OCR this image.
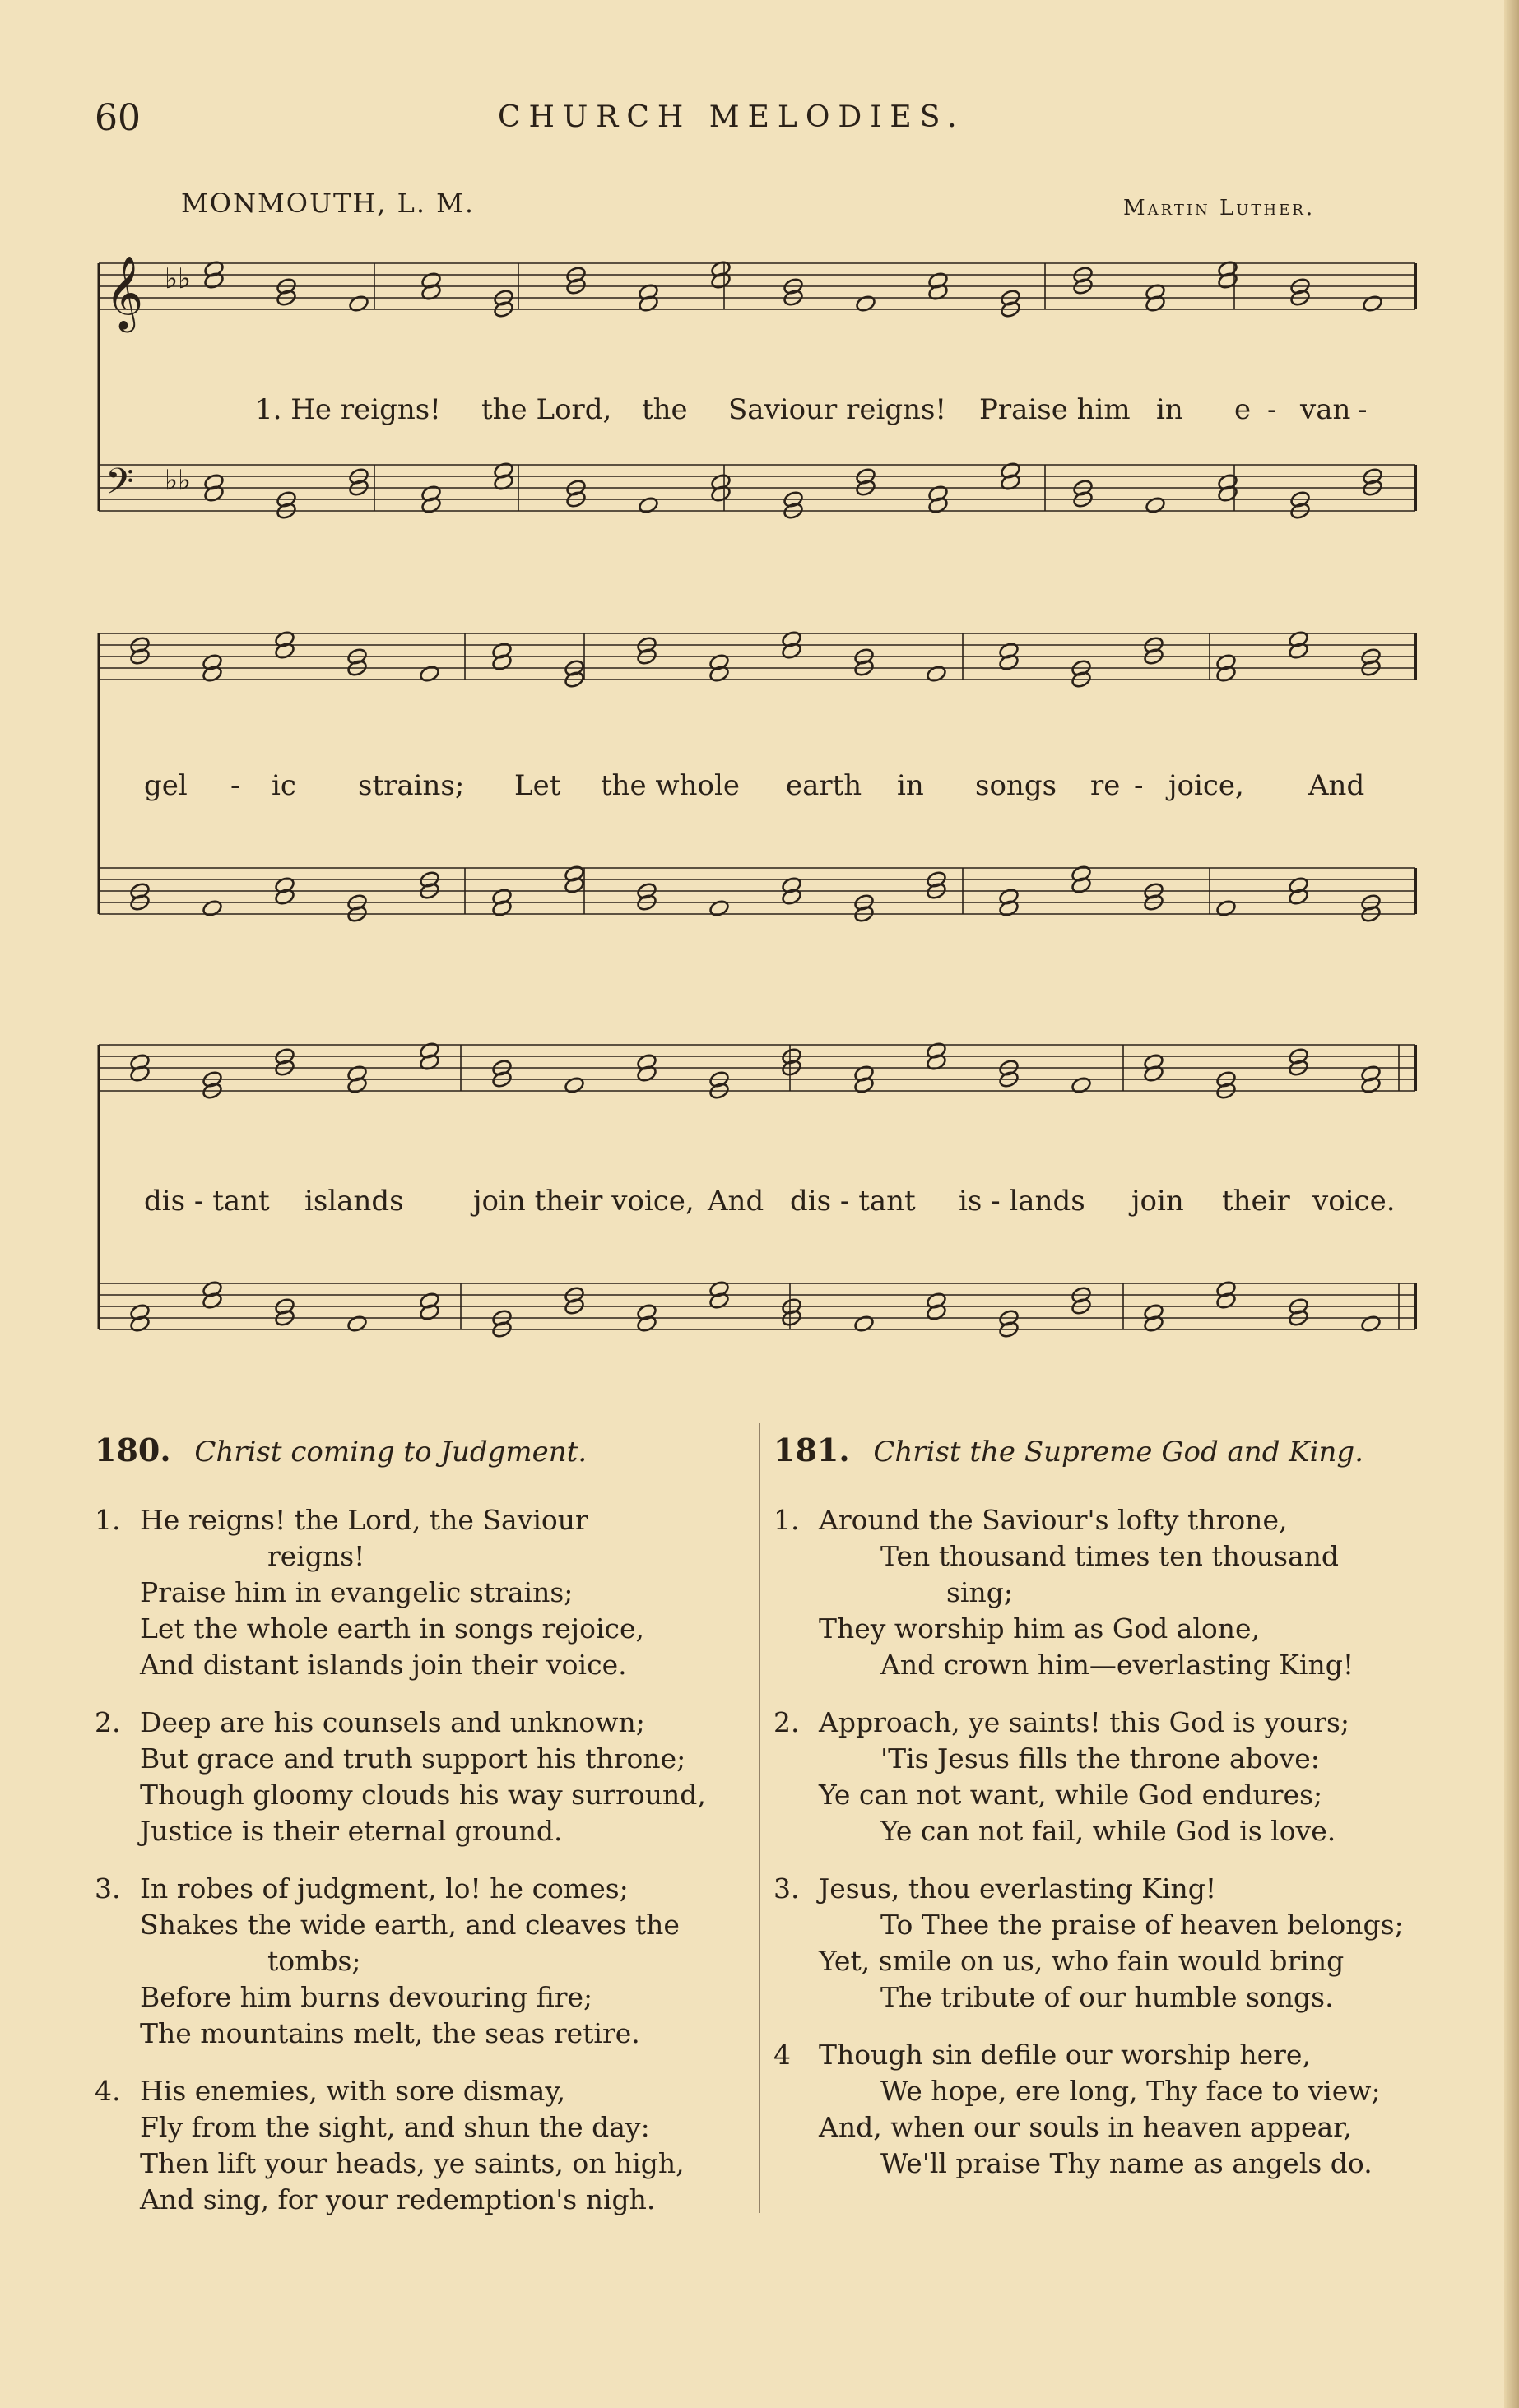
60	CHURCH MELODIES.
MONMOUTH, L. M.	Martin Luther.
𝄞 ♭♭
𝄢 ♭♭
1. He reigns! the Lord, the Saviour reigns! Praise him in e - van -
gel - ic strains; Let the whole earth in songs re - joice, And
dis - tant islands join their voice, And dis - tant is - lands join their voice.
180. Christ coming to Judgment.
1. He reigns! the Lord, the Saviour
reigns!
Praise him in evangelic strains;
Let the whole earth in songs rejoice,
And distant islands join their voice.
2. Deep are his counsels and unknown;
But grace and truth support his throne;
Though gloomy clouds his way surround,
Justice is their eternal ground.
3. In robes of judgment, lo! he comes;
Shakes the wide earth, and cleaves the
tombs;
Before him burns devouring fire;
The mountains melt, the seas retire.
4. His enemies, with sore dismay,
Fly from the sight, and shun the day:
Then lift your heads, ye saints, on high,
And sing, for your redemption's nigh.
181. Christ the Supreme God and King.
1. Around the Saviour's lofty throne,
Ten thousand times ten thousand
sing;
They worship him as God alone,
And crown him—everlasting King!
2. Approach, ye saints! this God is yours;
'Tis Jesus fills the throne above:
Ye can not want, while God endures;
Ye can not fail, while God is love.
3. Jesus, thou everlasting King!
To Thee the praise of heaven belongs;
Yet, smile on us, who fain would bring
The tribute of our humble songs.
4 Though sin defile our worship here,
We hope, ere long, Thy face to view;
And, when our souls in heaven appear,
We'll praise Thy name as angels do.
